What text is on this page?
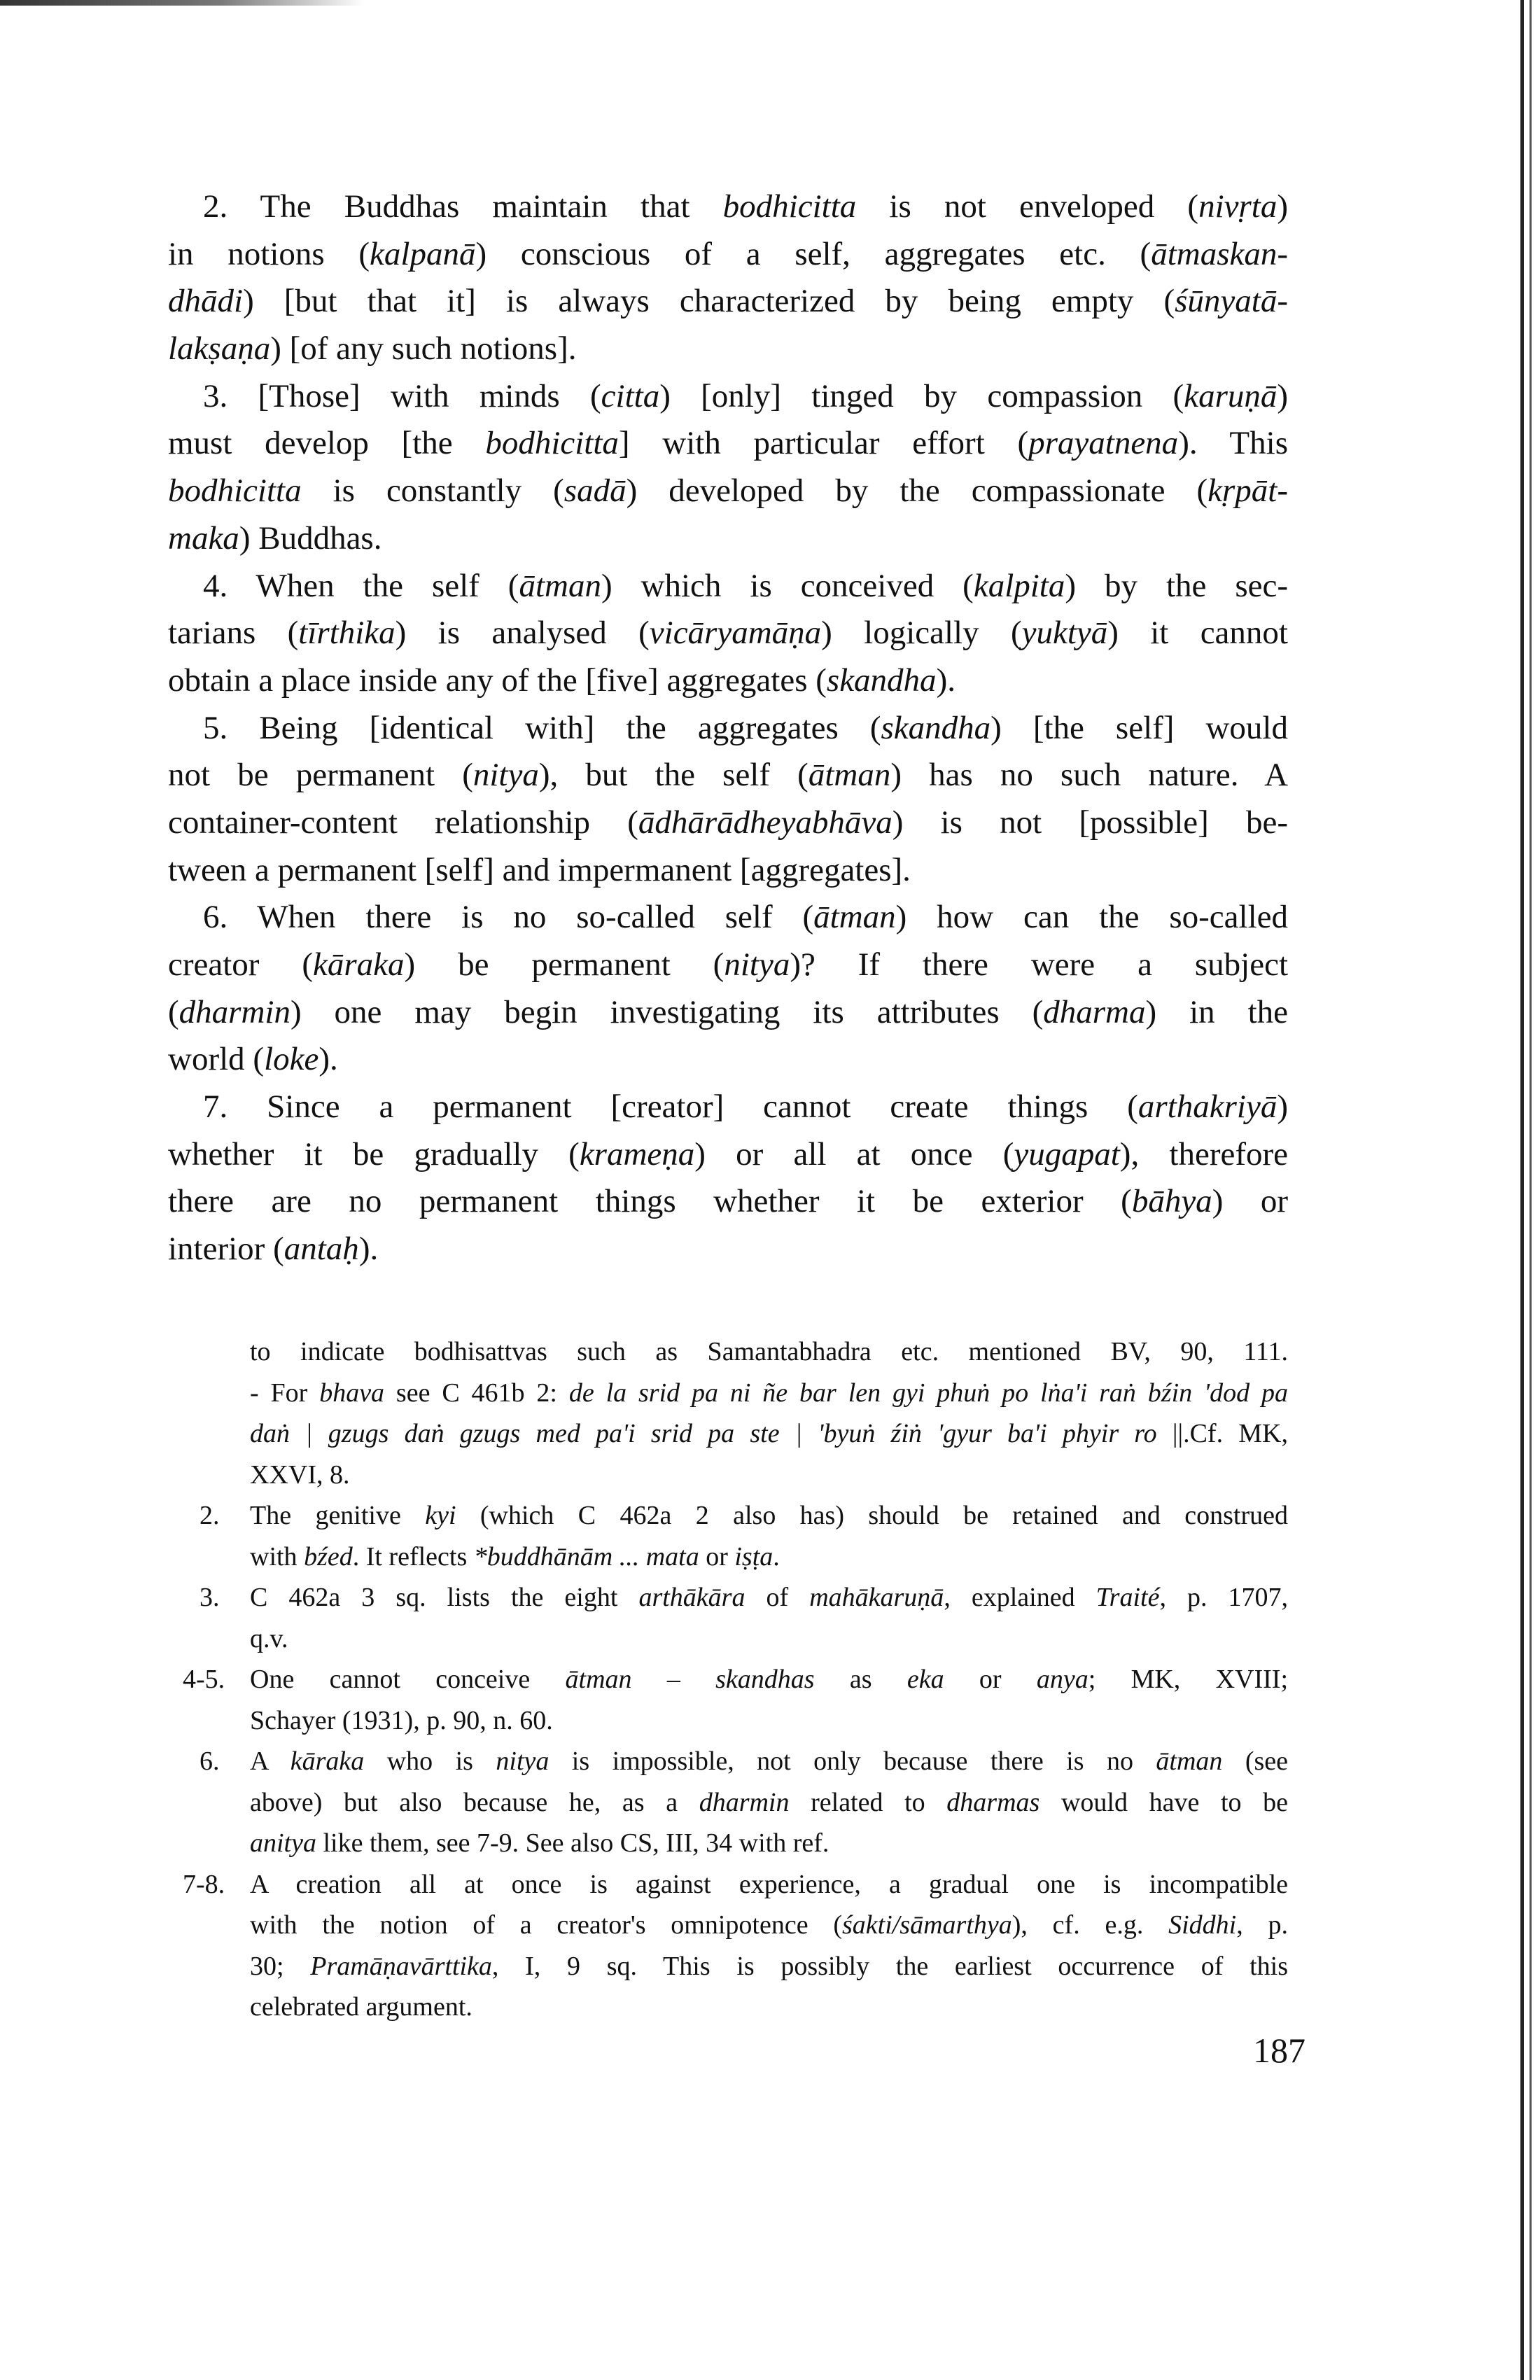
2. The Buddhas maintain that bodhicitta is not enveloped (nivṛta)
in notions (kalpanā) conscious of a self, aggregates etc. (ātmaskan-
dhādi) [but that it] is always characterized by being empty (śūnyatā-
lakṣaṇa) [of any such notions].
3. [Those] with minds (citta) [only] tinged by compassion (karuṇā)
must develop [the bodhicitta] with particular effort (prayatnena). This
bodhicitta is constantly (sadā) developed by the compassionate (kṛpāt-
maka) Buddhas.
4. When the self (ātman) which is conceived (kalpita) by the sec-
tarians (tīrthika) is analysed (vicāryamāṇa) logically (yuktyā) it cannot
obtain a place inside any of the [five] aggregates (skandha).
5. Being [identical with] the aggregates (skandha) [the self] would
not be permanent (nitya), but the self (ātman) has no such nature. A
container-content relationship (ādhārādheyabhāva) is not [possible] be-
tween a permanent [self] and impermanent [aggregates].
6. When there is no so-called self (ātman) how can the so-called
creator (kāraka) be permanent (nitya)? If there were a subject
(dharmin) one may begin investigating its attributes (dharma) in the
world (loke).
7. Since a permanent [creator] cannot create things (arthakriyā)
whether it be gradually (krameṇa) or all at once (yugapat), therefore
there are no permanent things whether it be exterior (bāhya) or
interior (antaḥ).
to indicate bodhisattvas such as Samantabhadra etc. mentioned BV, 90, 111.
- For bhava see C 461b 2: de la srid pa ni ñe bar len gyi phuṅ po lṅa'i raṅ bźin 'dod pa
daṅ | gzugs daṅ gzugs med pa'i srid pa ste | 'byuṅ źiṅ 'gyur ba'i phyir ro ||.Cf. MK,
XXVI, 8.
2. The genitive kyi (which C 462a 2 also has) should be retained and construed
with bźed. It reflects *buddhānām ... mata or iṣṭa.
3. C 462a 3 sq. lists the eight arthākāra of mahākaruṇā, explained Traité, p. 1707,
q.v.
4-5. One cannot conceive ātman – skandhas as eka or anya; MK, XVIII;
Schayer (1931), p. 90, n. 60.
6. A kāraka who is nitya is impossible, not only because there is no ātman (see
above) but also because he, as a dharmin related to dharmas would have to be
anitya like them, see 7-9. See also CS, III, 34 with ref.
7-8. A creation all at once is against experience, a gradual one is incompatible
with the notion of a creator's omnipotence (śakti/sāmarthya), cf. e.g. Siddhi, p.
30; Pramāṇavārttika, I, 9 sq. This is possibly the earliest occurrence of this
celebrated argument.
187
